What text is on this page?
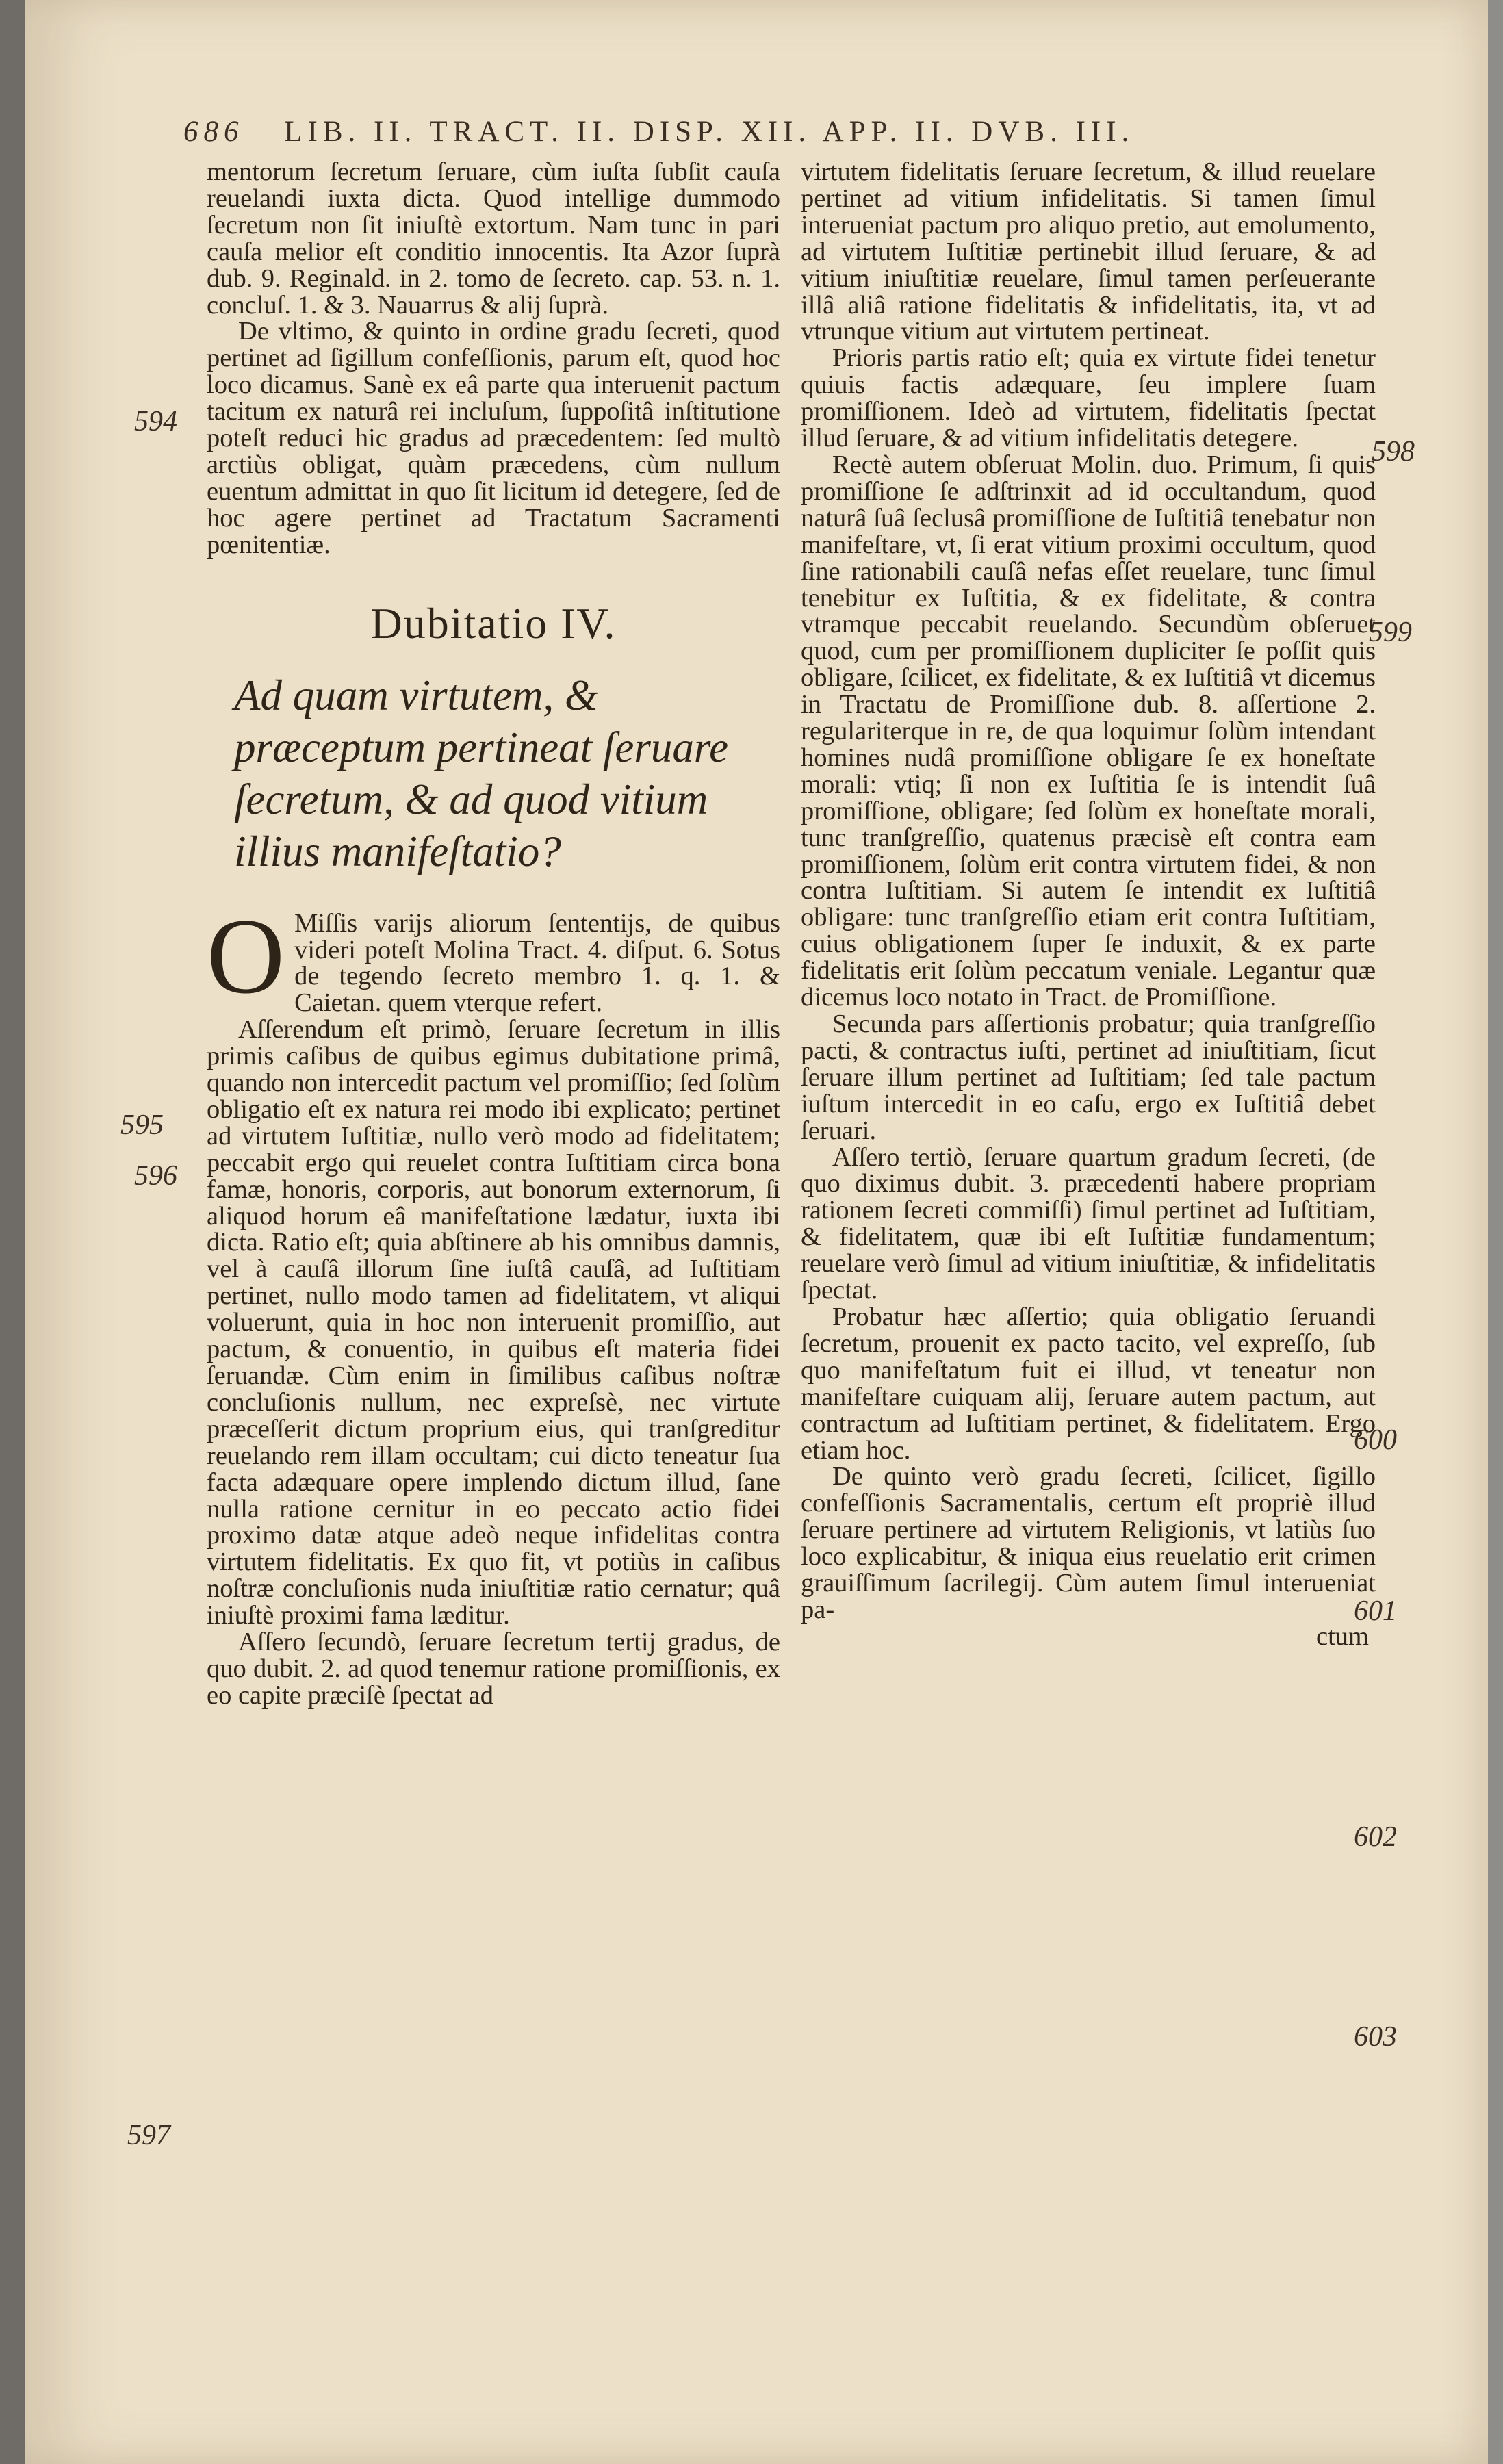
686 LIB. II. TRACT. II. DISP. XII. APP. II. DVB. III.
594
595
596
597
598
599
600
601
602
603

mentorum ſecretum ſeruare, cùm iuſta ſubſit cauſa reuelandi iuxta dicta. Quod intellige dummodo ſecretum non ſit iniuſtè extortum. Nam tunc in pari cauſa melior eſt conditio innocentis. Ita Azor ſuprà dub. 9. Reginald. in 2. tomo de ſecreto. cap. 53. n. 1. concluſ. 1. & 3. Nauarrus & alij ſuprà.

De vltimo, & quinto in ordine gradu ſecreti, quod pertinet ad ſigillum confeſſionis, parum eſt, quod hoc loco dicamus. Sanè ex eâ parte qua interuenit pactum tacitum ex naturâ rei incluſum, ſuppoſitâ inſtitutione poteſt reduci hic gradus ad præcedentem: ſed multò arctiùs obligat, quàm præcedens, cùm nullum euentum admittat in quo ſit licitum id detegere, ſed de hoc agere pertinet ad Tractatum Sacramenti pœnitentiæ.

Dubitatio IV.
Ad quam virtutem, & præceptum pertineat ſeruare ſecretum, & ad quod vitium illius manifeſtatio?

O Miſſis varijs aliorum ſententijs, de quibus videri poteſt Molina Tract. 4. diſput. 6. Sotus de tegendo ſecreto membro 1. q. 1. & Caietan. quem vterque refert.

Aſſerendum eſt primò, ſeruare ſecretum in illis primis caſibus de quibus egimus dubitatione primâ, quando non intercedit pactum vel promiſſio; ſed ſolùm obligatio eſt ex natura rei modo ibi explicato; pertinet ad virtutem Iuſtitiæ, nullo verò modo ad fidelitatem; peccabit ergo qui reuelet contra Iuſtitiam circa bona famæ, honoris, corporis, aut bonorum externorum, ſi aliquod horum eâ manifeſtatione lædatur, iuxta ibi dicta. Ratio eſt; quia abſtinere ab his omnibus damnis, vel à cauſâ illorum ſine iuſtâ cauſâ, ad Iuſtitiam pertinet, nullo modo tamen ad fidelitatem, vt aliqui voluerunt, quia in hoc non interuenit promiſſio, aut pactum, & conuentio, in quibus eſt materia fidei ſeruandæ. Cùm enim in ſimilibus caſibus noſtræ concluſionis nullum, nec expreſsè, nec virtute præceſſerit dictum proprium eius, qui tranſgreditur reuelando rem illam occultam; cui dicto teneatur ſua facta adæquare opere implendo dictum illud, ſane nulla ratione cernitur in eo peccato actio fidei proximo datæ atque adeò neque infidelitas contra virtutem fidelitatis. Ex quo fit, vt potiùs in caſibus noſtræ concluſionis nuda iniuſtitiæ ratio cernatur; quâ iniuſtè proximi fama læditur.

Aſſero ſecundò, ſeruare ſecretum tertij gradus, de quo dubit. 2. ad quod tenemur ratione promiſſionis, ex eo capite præciſè ſpectat ad

virtutem fidelitatis ſeruare ſecretum, & illud reuelare pertinet ad vitium infidelitatis. Si tamen ſimul interueniat pactum pro aliquo pretio, aut emolumento, ad virtutem Iuſtitiæ pertinebit illud ſeruare, & ad vitium iniuſtitiæ reuelare, ſimul tamen perſeuerante illâ aliâ ratione fidelitatis & infidelitatis, ita, vt ad vtrunque vitium aut virtutem pertineat.

Prioris partis ratio eſt; quia ex virtute fidei tenetur quiuis factis adæquare, ſeu implere ſuam promiſſionem. Ideò ad virtutem, fidelitatis ſpectat illud ſeruare, & ad vitium infidelitatis detegere.

Rectè autem obſeruat Molin. duo. Primum, ſi quis promiſſione ſe adſtrinxit ad id occultandum, quod naturâ ſuâ ſeclusâ promiſſione de Iuſtitiâ tenebatur non manifeſtare, vt, ſi erat vitium proximi occultum, quod ſine rationabili cauſâ nefas eſſet reuelare, tunc ſimul tenebitur ex Iuſtitia, & ex fidelitate, & contra vtramque peccabit reuelando. Secundùm obſeruet quod, cum per promiſſionem dupliciter ſe poſſit quis obligare, ſcilicet, ex fidelitate, & ex Iuſtitiâ vt dicemus in Tractatu de Promiſſione dub. 8. aſſertione 2. regulariterque in re, de qua loquimur ſolùm intendant homines nudâ promiſſione obligare ſe ex honeſtate morali: vtiq; ſi non ex Iuſtitia ſe is intendit ſuâ promiſſione, obligare; ſed ſolùm ex honeſtate morali, tunc tranſgreſſio, quatenus præcisè eſt contra eam promiſſionem, ſolùm erit contra virtutem fidei, & non contra Iuſtitiam. Si autem ſe intendit ex Iuſtitiâ obligare: tunc tranſgreſſio etiam erit contra Iuſtitiam, cuius obligationem ſuper ſe induxit, & ex parte fidelitatis erit ſolùm peccatum veniale. Legantur quæ dicemus loco notato in Tract. de Promiſſione.

Secunda pars aſſertionis probatur; quia tranſgreſſio pacti, & contractus iuſti, pertinet ad iniuſtitiam, ſicut ſeruare illum pertinet ad Iuſtitiam; ſed tale pactum iuſtum intercedit in eo caſu, ergo ex Iuſtitiâ debet ſeruari.

Aſſero tertiò, ſeruare quartum gradum ſecreti, (de quo diximus dubit. 3. præcedenti habere propriam rationem ſecreti commiſſi) ſimul pertinet ad Iuſtitiam, & fidelitatem, quæ ibi eſt Iuſtitiæ fundamentum; reuelare verò ſimul ad vitium iniuſtitiæ, & infidelitatis ſpectat.

Probatur hæc aſſertio; quia obligatio ſeruandi ſecretum, prouenit ex pacto tacito, vel expreſſo, ſub quo manifeſtatum fuit ei illud, vt teneatur non manifeſtare cuiquam alij, ſeruare autem pactum, aut contractum ad Iuſtitiam pertinet, & fidelitatem. Ergo etiam hoc.

De quinto verò gradu ſecreti, ſcilicet, ſigillo confeſſionis Sacramentalis, certum eſt propriè illud ſeruare pertinere ad virtutem Religionis, vt latiùs ſuo loco explicabitur, & iniqua eius reuelatio erit crimen grauiſſimum ſacrilegij. Cùm autem ſimul interueniat pa-

ctum
